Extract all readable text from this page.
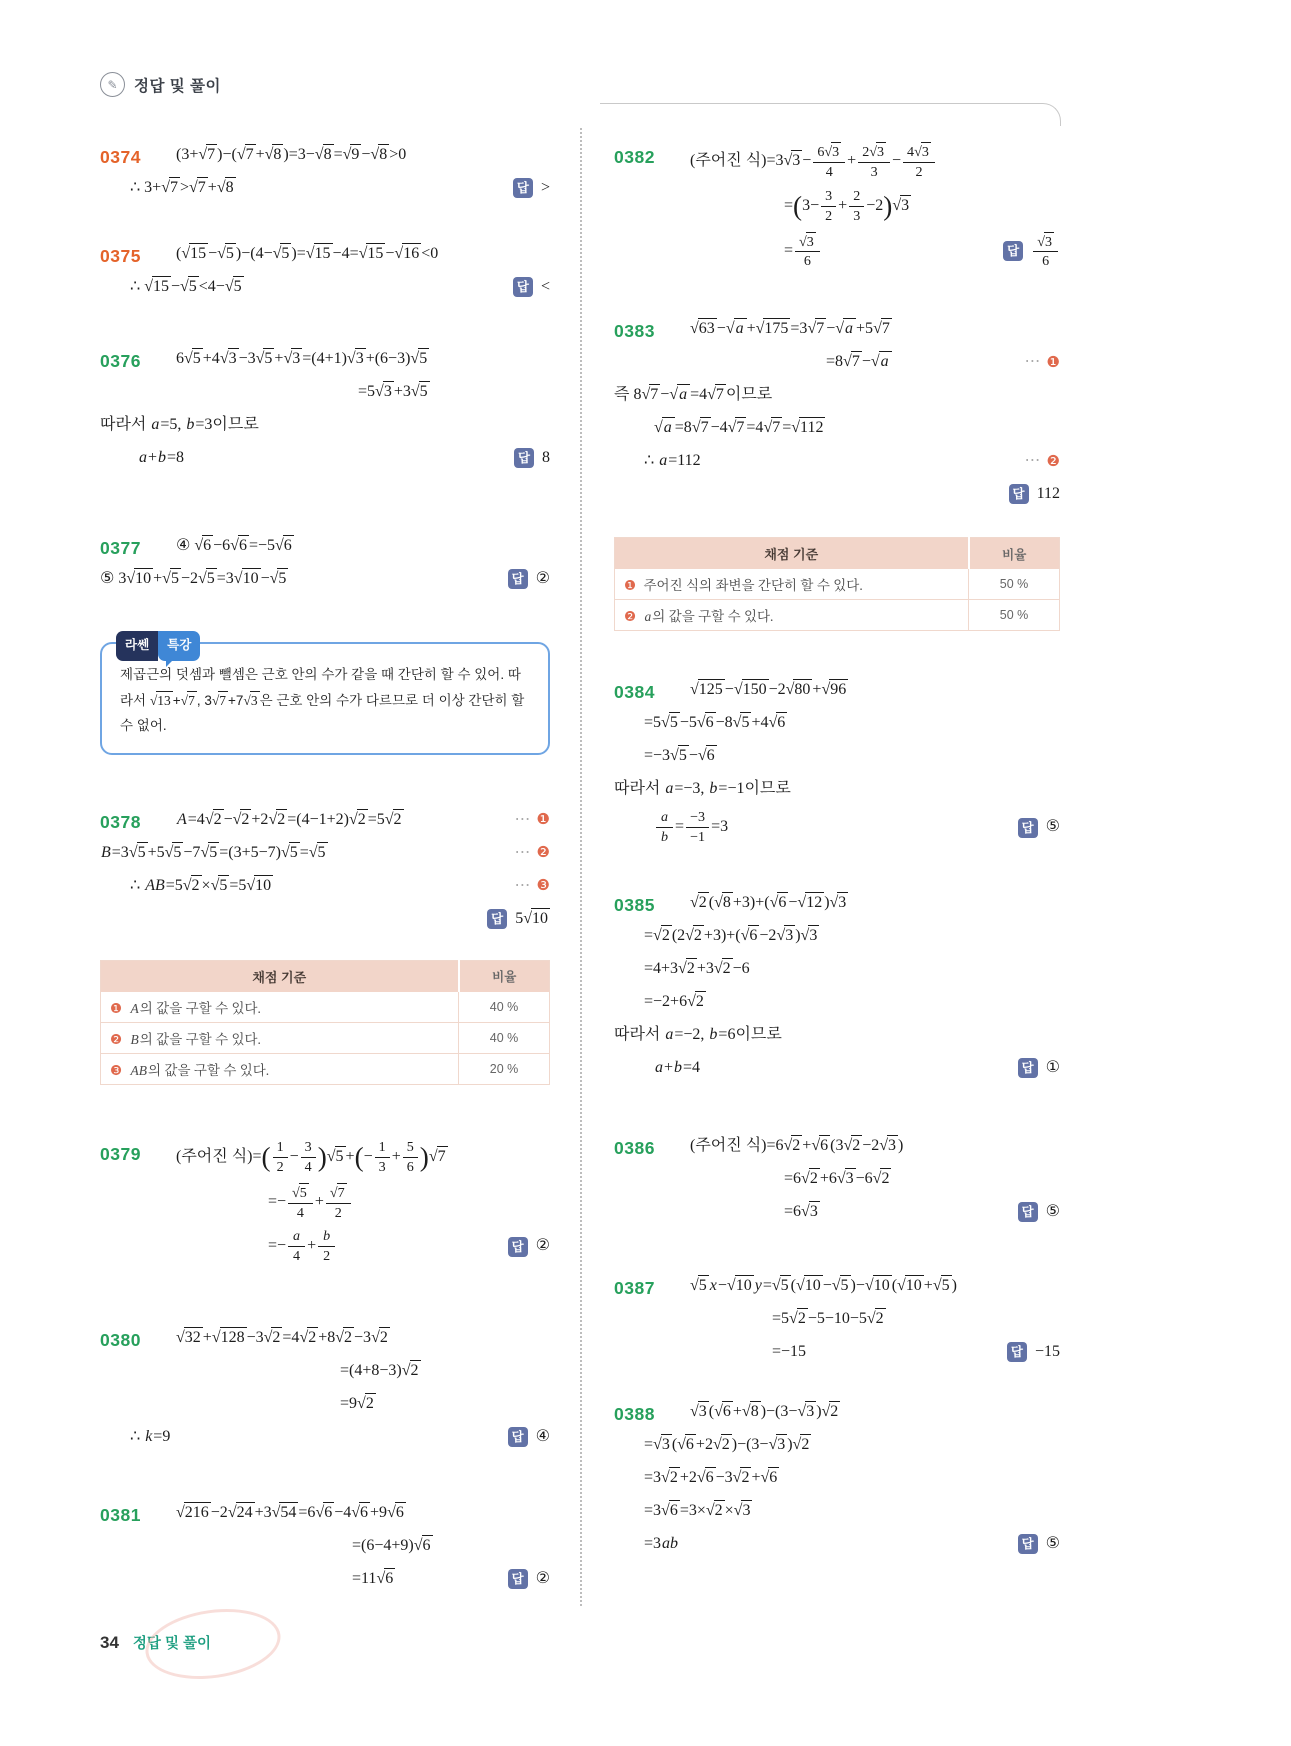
✎	정답 및 풀이
0374 (3+ √ 7 )−( √ 7 + √ 8 )=3− √ 8 = √ 9 − √ 8 >0
∴ 3+ √ 7 > √ 7 + √ 8	답 >
0375 ( √ 15 − √ 5 )−(4− √ 5 )= √ 15 −4= √ 15 − √ 16 <0
∴ √ 15 − √ 5 <4− √ 5	답 <
0376 6 √ 5 +4 √ 3 −3 √ 5 + √ 3 =(4+1) √ 3 +(6−3) √ 5
=5 √ 3 +3 √ 5
따라서 a=5, b=3이므로
a+b=8	답 8
0377 ④ √ 6 −6 √ 6 =−5 √ 6
⑤ 3 √ 10 + √ 5 −2 √ 5 =3 √ 10 − √ 5	답 ②
라쎈	특강
제곱근의 덧셈과 뺄셈은 근호 안의 수가 같을 때 간단히 할 수 있어. 따라서 √ 13 + √ 7 , 3 √ 7 +7 √ 3 은 근호 안의 수가 다르므로 더 이상 간단히 할 수 없어.
0378 A=4 √ 2 − √ 2 +2 √ 2 =(4−1+2) √ 2 =5 √ 2	⋯ ❶
B=3 √ 5 +5 √ 5 −7 √ 5 =(3+5−7) √ 5 = √ 5	⋯ ❷
∴ AB=5 √ 2 × √ 5 =5 √ 10	⋯ ❸
답 5 √ 10
채점 기준	비율
❶ A의 값을 구할 수 있다.	40 %
❷ B의 값을 구할 수 있다.	40 %
❸ AB의 값을 구할 수 있다.	20 %
0379 (주어진 식)=( $\frac{1}{2} - \frac{3}{4}$ ) √ 5 +(− $\frac{1}{3} + \frac{5}{6}$ ) √ 7
=− √ $\frac{5}{4}$ + √ $\frac{7}{2}$
=− $\frac{a}{4} + \frac{b}{2}$	답 ②
0380	√ 32 + √ 128 −3 √ 2 =4 √ 2 +8 √ 2 −3 √ 2
=(4+8−3) √ 2
=9 √ 2
∴ k=9	답 ④
0381	√ 216 −2 √ 24 +3 √ 54 =6 √ 6 −4 √ 6 +9 √ 6
=(6−4+9) √ 6
=11 √ 6	답 ②
0382 (주어진 식)=3 √ $3 - \frac{6 √ 3}{4} + \frac{2 √ 3}{3} - \frac{4 √ 3}{2}$
$=(3- \frac{3}{2} + \frac{2}{3} -2)$ √ 3
= √ $\frac{3}{6}$	답 √ $\frac{3}{6}$
0383	√ 63 − √ a + √ 175 =3 √ 7 − √ a +5 √ 7
=8 √ 7 − √ a	⋯ ❶
즉 8 √ 7 − √ a =4 √ 7 이므로
√ a =8 √ 7 −4 √ 7 =4 √ 7 = √ 112
∴ a=112	⋯ ❷
답 112
채점 기준	비율
❶ 주어진 식의 좌변을 간단히 할 수 있다.	50 %
❷ a의 값을 구할 수 있다.	50 %
0384	√ 125 − √ 150 −2 √ 80 + √ 96
=5 √ 5 −5 √ 6 −8 √ 5 +4 √ 6
=−3 √ 5 − √ 6
따라서 a=−3, b=−1이므로
$\frac{a}{b} = \frac{-3}{-1} =3$	답 ⑤
0385	√ 2 ( √ 8 +3)+( √ 6 − √ 12 ) √ 3
= √ 2 (2 √ 2 +3)+( √ 6 −2 √ 3 ) √ 3
=4+3 √ 2 +3 √ 2 −6
=−2+6 √ 2
따라서 a=−2, b=6이므로
a+b=4	답 ①
0386 (주어진 식)=6 √ 2 + √ 6 (3 √ 2 −2 √ 3 )
=6 √ 2 +6 √ 3 −6 √ 2
=6 √ 3	답 ⑤
0387	√ 5 x− √ 10 y= √ 5 ( √ 10 − √ 5 )− √ 10 ( √ 10 + √ 5 )
=5 √ 2 −5−10−5 √ 2
=−15	답 −15
0388	√ 3 ( √ 6 + √ 8 )−(3− √ 3 ) √ 2
= √ 3 ( √ 6 +2 √ 2 )−(3− √ 3 ) √ 2
=3 √ 2 +2 √ 6 −3 √ 2 + √ 6
=3 √ 6 =3× √ 2 × √ 3
=3ab	답 ⑤
34 정답 및 풀이
